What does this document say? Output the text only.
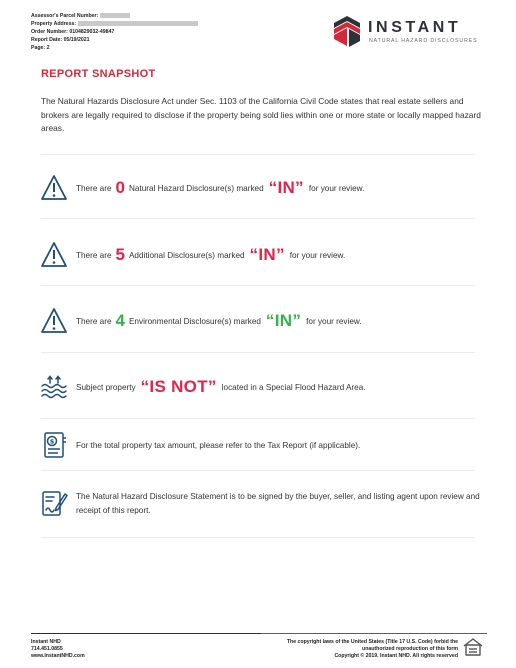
Assessor's Parcel Number:
Property Address:
Order Number: 0104829032-49847
Report Date: 05/19/2021
Page: 2
INSTANT
NATURAL HAZARD DISCLOSURES
REPORT SNAPSHOT
The Natural Hazards Disclosure Act under Sec. 1103 of the California Civil Code states that real estate sellers and brokers are legally required to disclose if the property being sold lies within one or more state or locally mapped hazard areas.
There are 0 Natural Hazard Disclosure(s) marked “IN” for your review.
There are 5 Additional Disclosure(s) marked “IN” for your review.
There are 4 Environmental Disclosure(s) marked “IN” for your review.
Subject property “IS NOT” located in a Special Flood Hazard Area.
$	For the total property tax amount, please refer to the Tax Report (if applicable).
The Natural Hazard Disclosure Statement is to be signed by the buyer, seller, and listing agent upon review and receipt of this report.
Instant NHD
714.451.0855
www.InstantNHD.com
The copyright laws of the United States (Title 17 U.S. Code) forbid the
unauthorized reproduction of this form
Copyright © 2019. Instant NHD. All rights reserved
